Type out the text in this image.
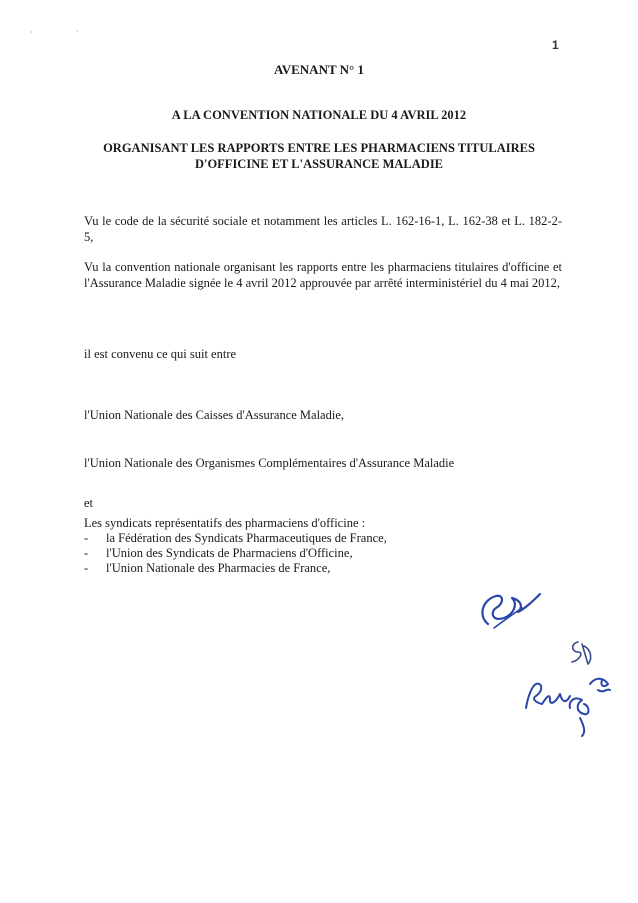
·	·
1
AVENANT N° 1
A LA CONVENTION NATIONALE DU 4 AVRIL 2012
ORGANISANT LES RAPPORTS ENTRE LES PHARMACIENS TITULAIRES
D'OFFICINE ET L'ASSURANCE MALADIE
Vu le code de la sécurité sociale et notamment les articles L. 162-16-1, L. 162-38 et L. 182-2-5,
Vu la convention nationale organisant les rapports entre les pharmaciens titulaires d'officine et l'Assurance Maladie signée le 4 avril 2012 approuvée par arrêté interministériel du 4 mai 2012,
il est convenu ce qui suit entre
l'Union Nationale des Caisses d'Assurance Maladie,
l'Union Nationale des Organismes Complémentaires d'Assurance Maladie
et
Les syndicats représentatifs des pharmaciens d'officine :
-	la Fédération des Syndicats Pharmaceutiques de France,
-	l'Union des Syndicats de Pharmaciens d'Officine,
-	l'Union Nationale des Pharmacies de France,
